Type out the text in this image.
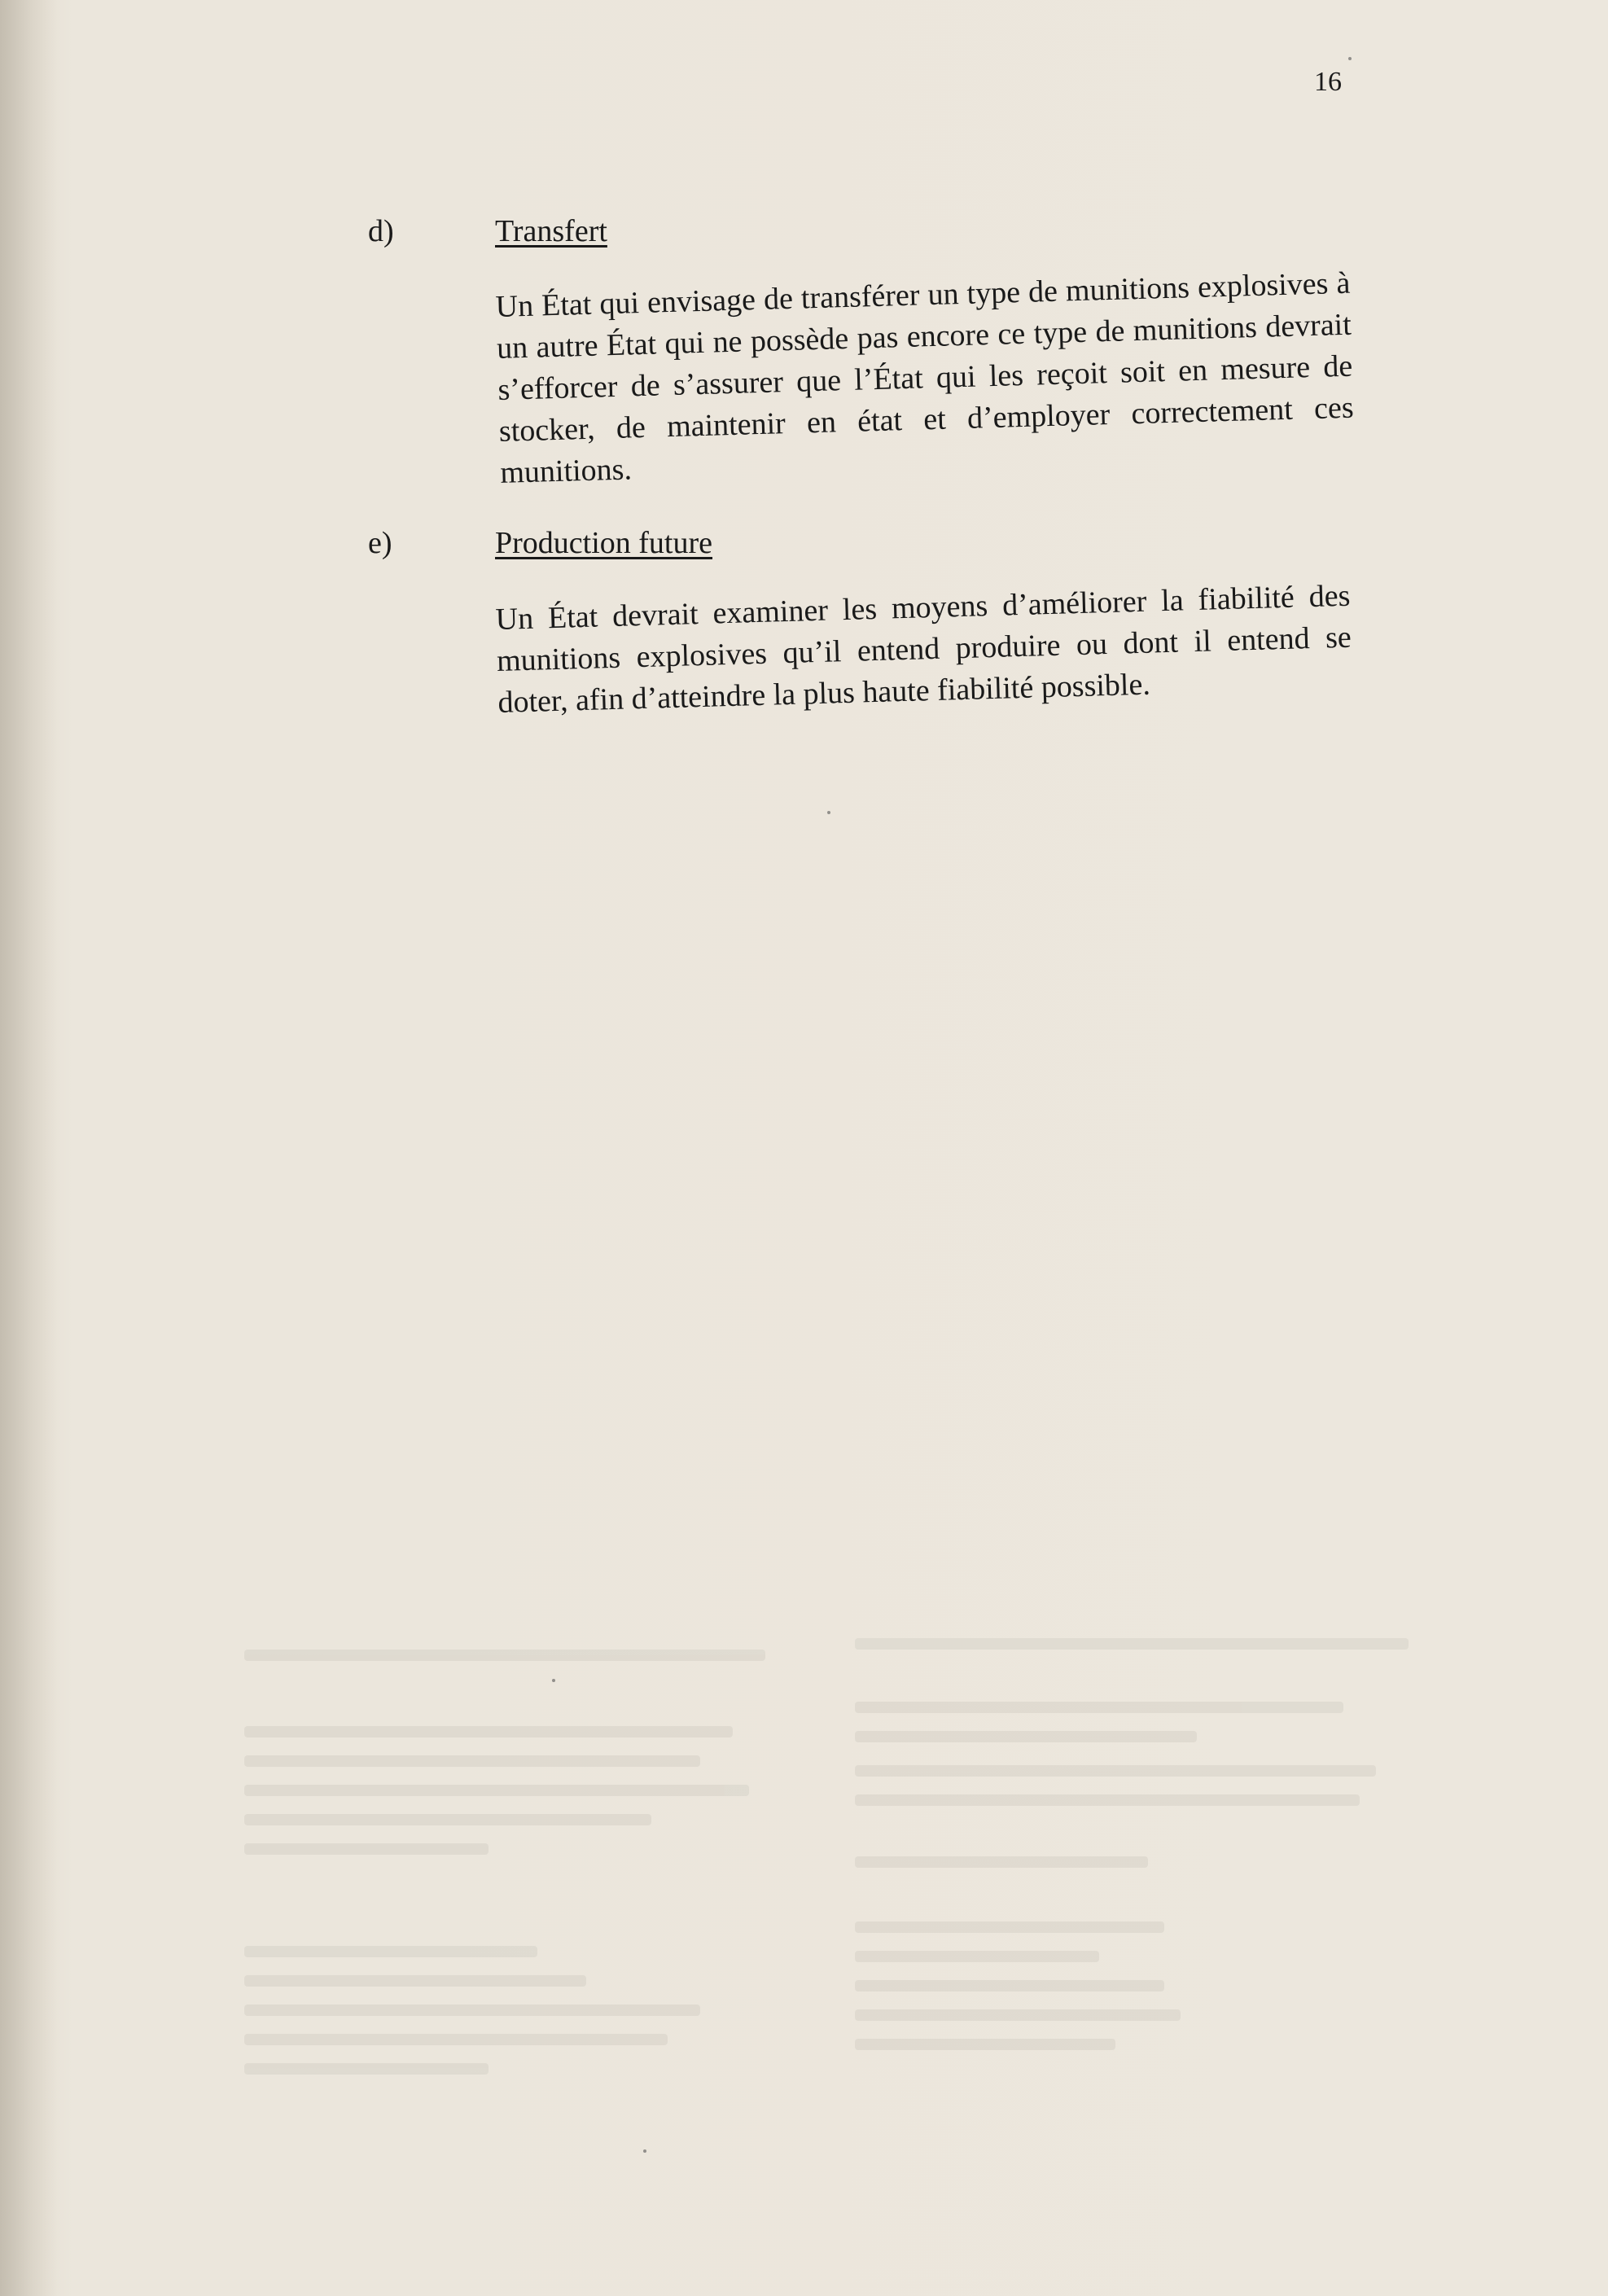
16
d)	Transfert
Un État qui envisage de transférer un type de munitions explosives à un autre État qui ne possède pas encore ce type de munitions devrait s’efforcer de s’assurer que l’État qui les reçoit soit en mesure de stocker, de maintenir en état et d’employer correctement ces munitions.
e)	Production future
Un État devrait examiner les moyens d’améliorer la fiabilité des munitions explosives qu’il entend produire ou dont il entend se doter, afin d’atteindre la plus haute fiabilité possible.
